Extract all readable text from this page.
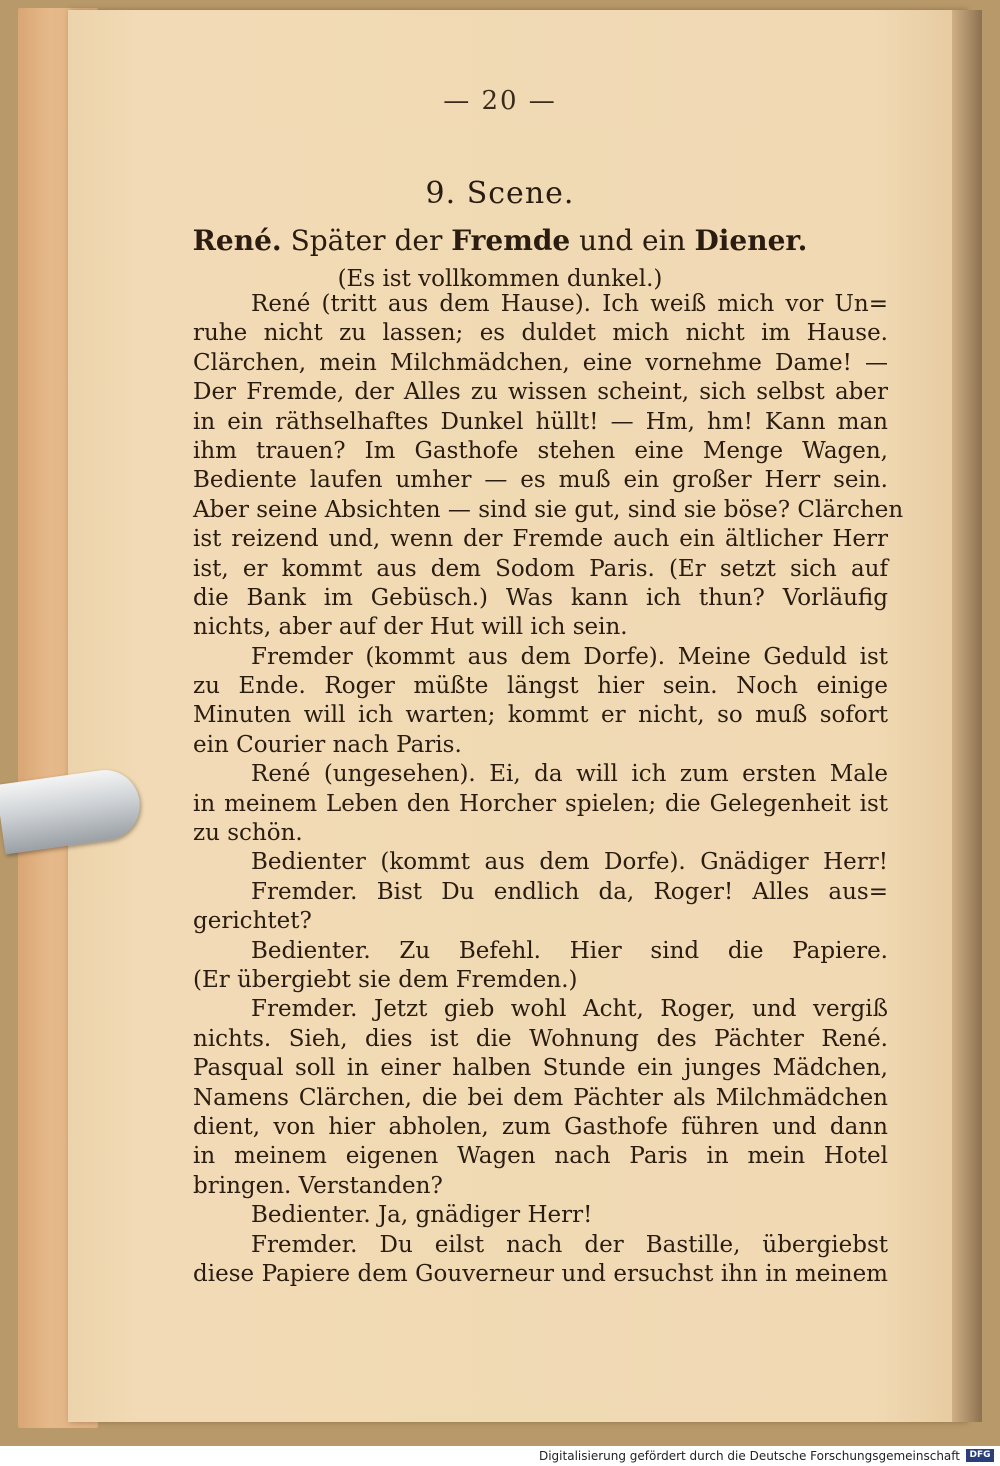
— 20 —
9. Scene.
René. Später der Fremde und ein Diener.
(Es ist vollkommen dunkel.)
René (tritt aus dem Hause). Ich weiß mich vor Un=
ruhe nicht zu lassen; es duldet mich nicht im Hause.
Clärchen, mein Milchmädchen, eine vornehme Dame! —
Der Fremde, der Alles zu wissen scheint, sich selbst aber
in ein räthselhaftes Dunkel hüllt! — Hm, hm! Kann man
ihm trauen? Im Gasthofe stehen eine Menge Wagen,
Bediente laufen umher — es muß ein großer Herr sein.
Aber seine Absichten — sind sie gut, sind sie böse? Clärchen
ist reizend und, wenn der Fremde auch ein ältlicher Herr
ist, er kommt aus dem Sodom Paris. (Er setzt sich auf
die Bank im Gebüsch.) Was kann ich thun? Vorläufig
nichts, aber auf der Hut will ich sein.
Fremder (kommt aus dem Dorfe). Meine Geduld ist
zu Ende. Roger müßte längst hier sein. Noch einige
Minuten will ich warten; kommt er nicht, so muß sofort
ein Courier nach Paris.
René (ungesehen). Ei, da will ich zum ersten Male
in meinem Leben den Horcher spielen; die Gelegenheit ist
zu schön.
Bedienter (kommt aus dem Dorfe). Gnädiger Herr!
Fremder. Bist Du endlich da, Roger! Alles aus=
gerichtet?
Bedienter. Zu Befehl. Hier sind die Papiere.
(Er übergiebt sie dem Fremden.)
Fremder. Jetzt gieb wohl Acht, Roger, und vergiß
nichts. Sieh, dies ist die Wohnung des Pächter René.
Pasqual soll in einer halben Stunde ein junges Mädchen,
Namens Clärchen, die bei dem Pächter als Milchmädchen
dient, von hier abholen, zum Gasthofe führen und dann
in meinem eigenen Wagen nach Paris in mein Hotel
bringen. Verstanden?
Bedienter. Ja, gnädiger Herr!
Fremder. Du eilst nach der Bastille, übergiebst
diese Papiere dem Gouverneur und ersuchst ihn in meinem
Digitalisierung gefördert durch die Deutsche Forschungsgemeinschaft	DFG
